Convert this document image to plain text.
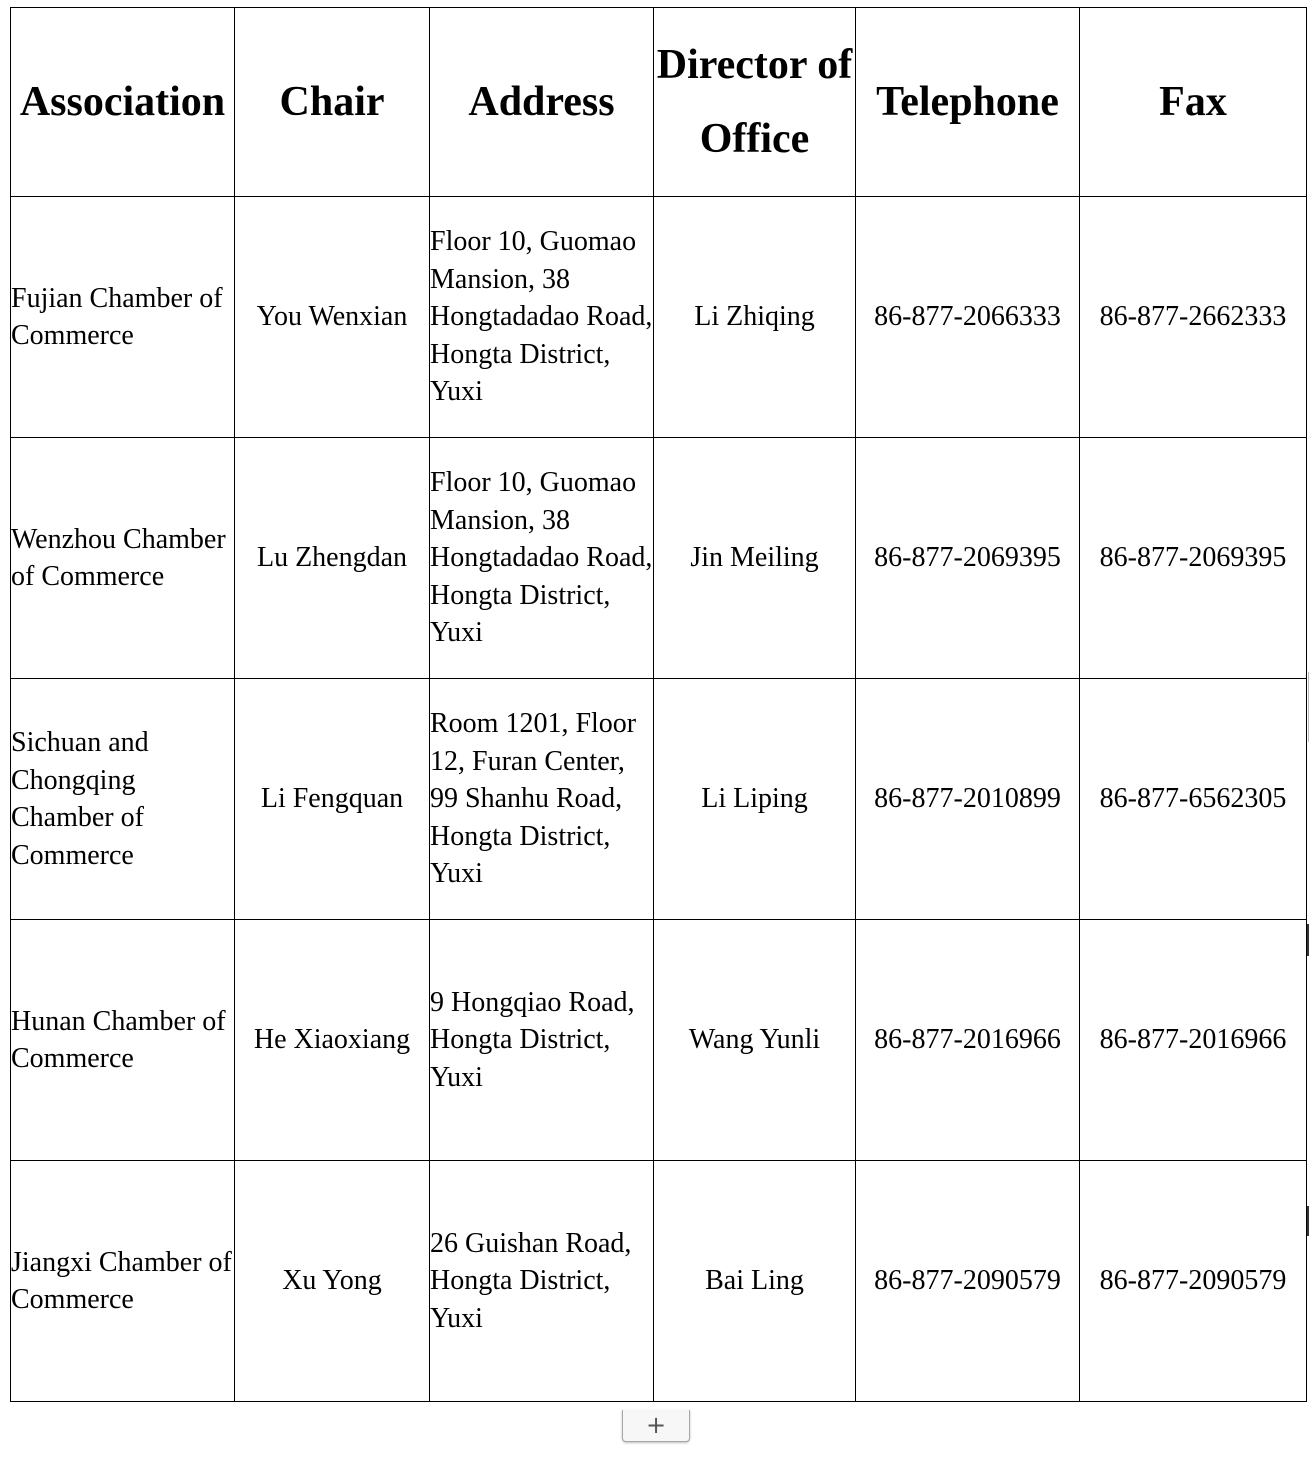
Association	Chair	Address	Director of Office	Telephone	Fax
Fujian Chamber of Commerce	You Wenxian	Floor 10, Guomao Mansion, 38 Hongtadadao Road, Hongta District, Yuxi	Li Zhiqing	86-877-2066333	86-877-2662333
Wenzhou Chamber of Commerce	Lu Zhengdan	Floor 10, Guomao Mansion, 38 Hongtadadao Road, Hongta District, Yuxi	Jin Meiling	86-877-2069395	86-877-2069395
Sichuan and Chongqing Chamber of Commerce	Li Fengquan	Room 1201, Floor 12, Furan Center, 99 Shanhu Road, Hongta District, Yuxi	Li Liping	86-877-2010899	86-877-6562305
Hunan Chamber of Commerce	He Xiaoxiang	9 Hongqiao Road, Hongta District, Yuxi	Wang Yunli	86-877-2016966	86-877-2016966
Jiangxi Chamber of Commerce	Xu Yong	26 Guishan Road, Hongta District, Yuxi	Bai Ling	86-877-2090579	86-877-2090579
+
